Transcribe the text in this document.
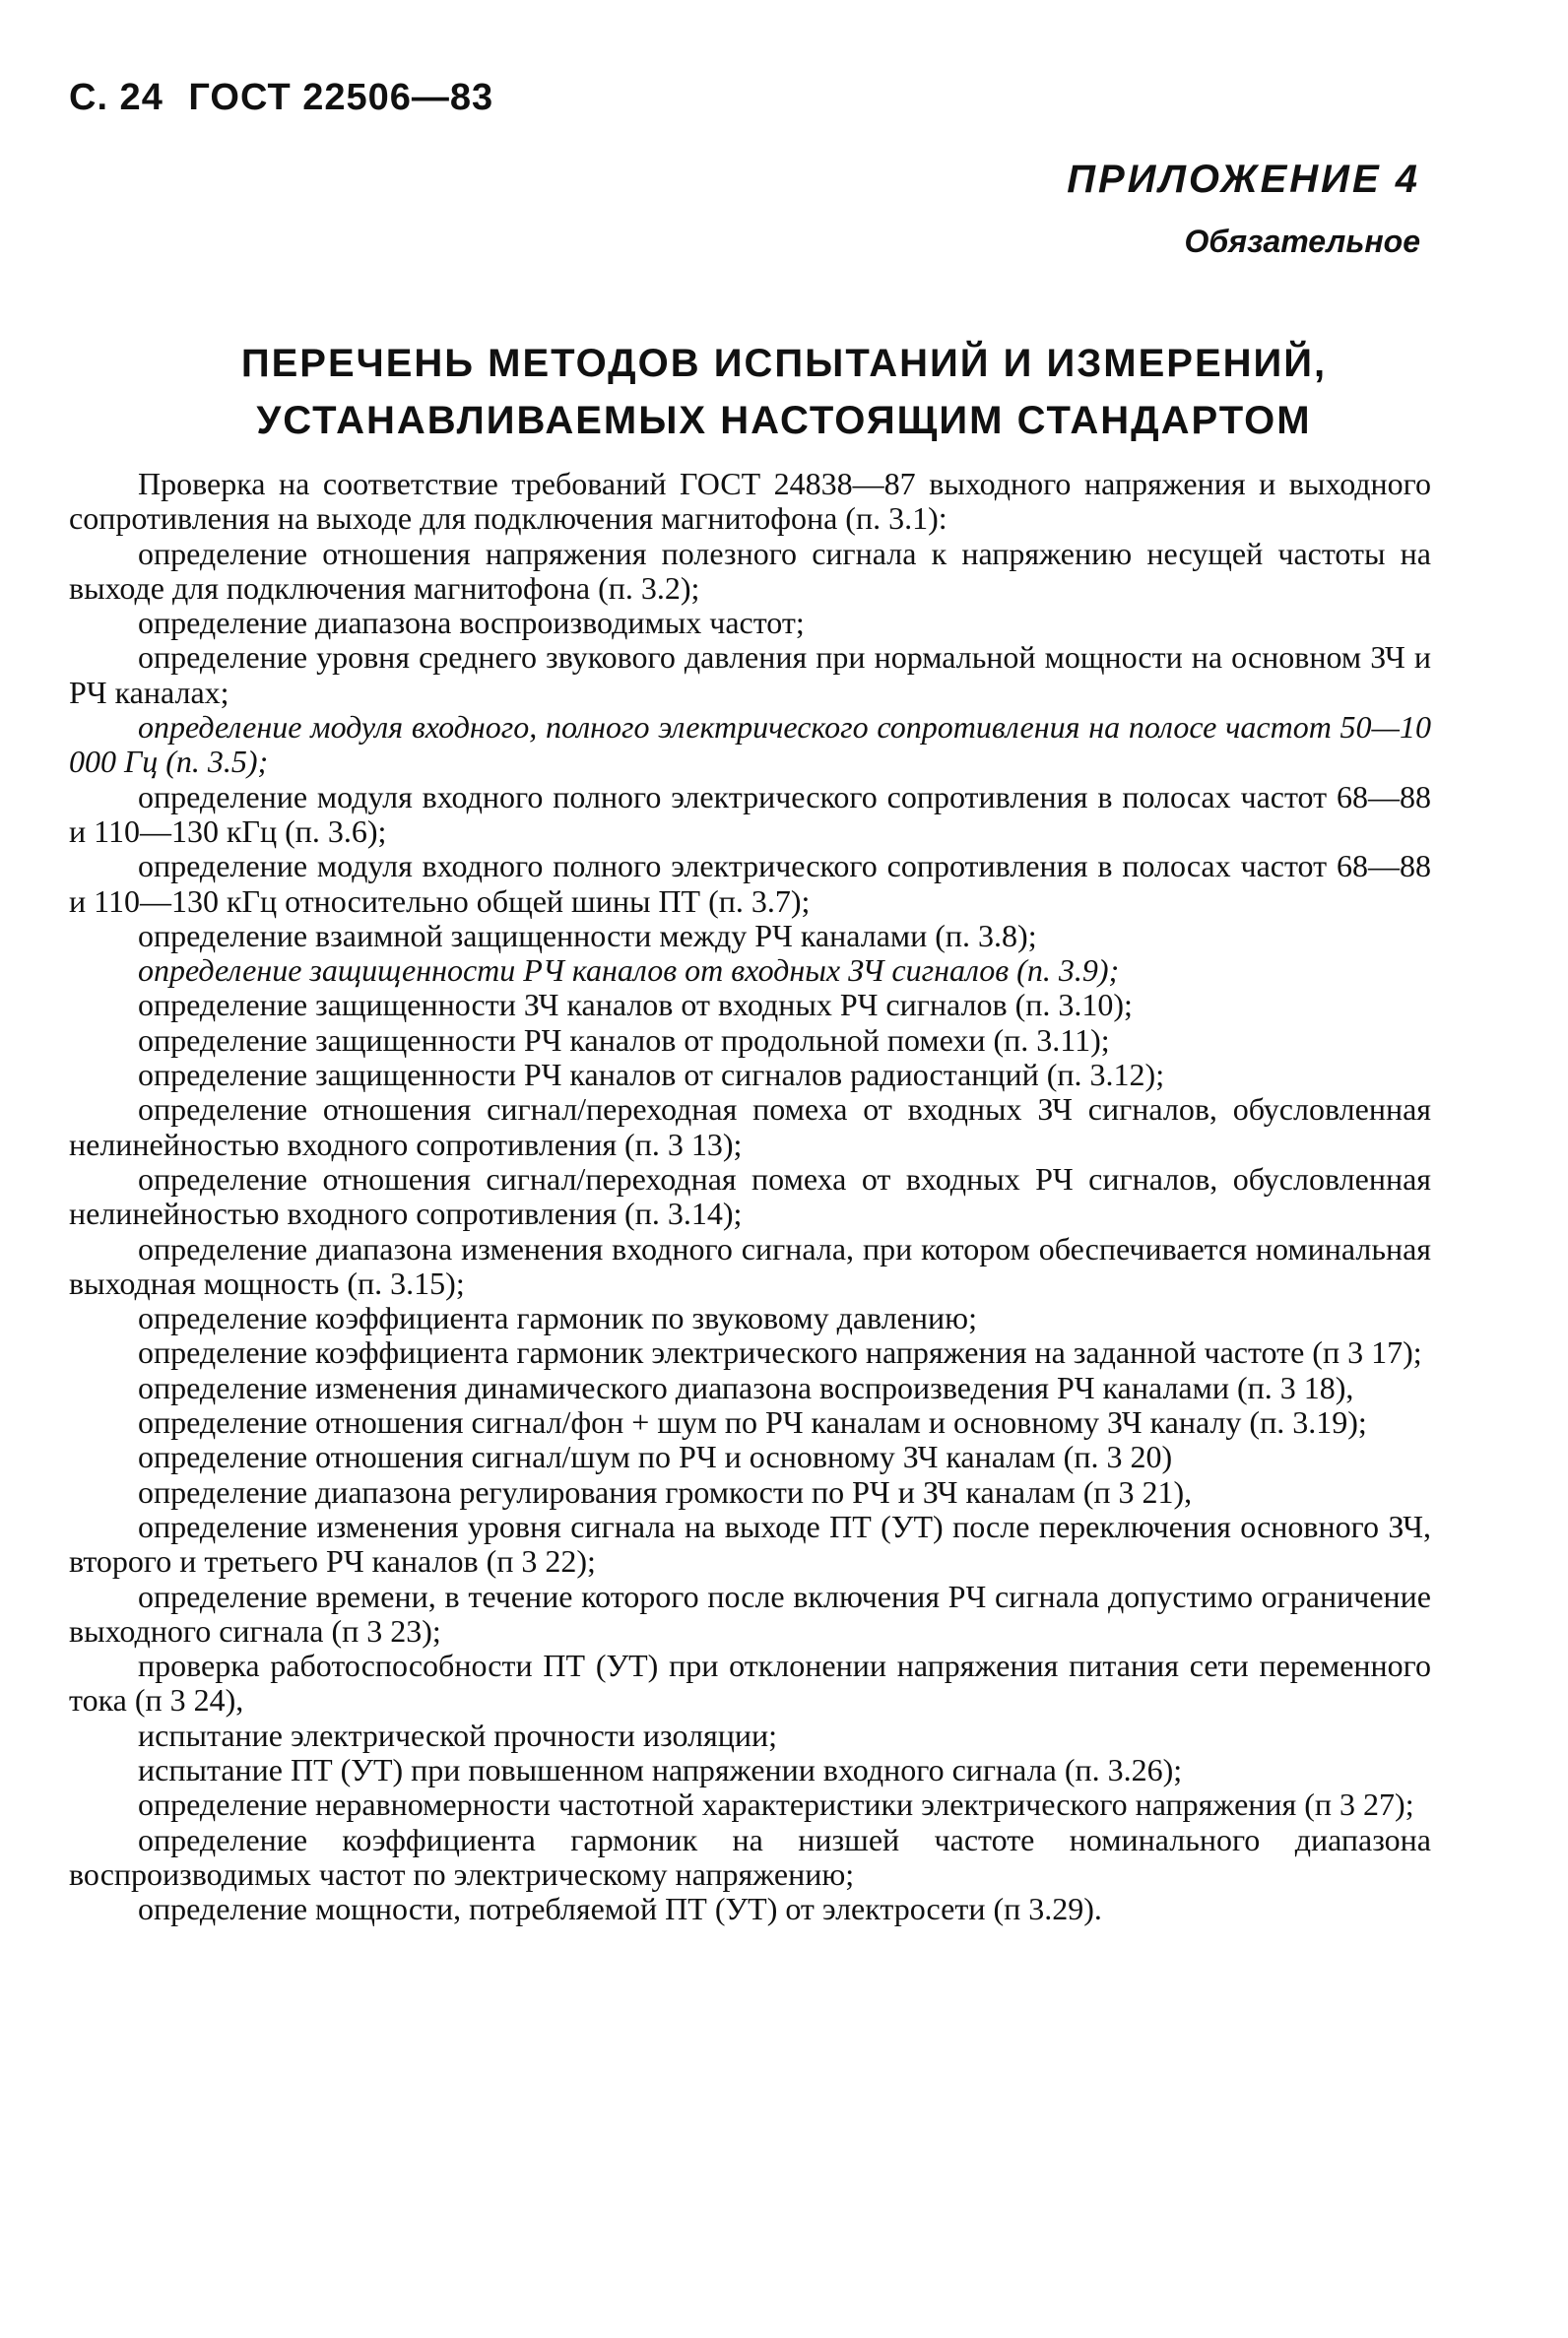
С. 24 ГОСТ 22506—83
ПРИЛОЖЕНИЕ 4
Обязательное
ПЕРЕЧЕНЬ МЕТОДОВ ИСПЫТАНИЙ И ИЗМЕРЕНИЙ,
УСТАНАВЛИВАЕМЫХ НАСТОЯЩИМ СТАНДАРТОМ
Проверка на соответствие требований ГОСТ 24838—87 выходного напряжения и выходного сопротивления на выходе для подключения магнитофона (п. 3.1):
определение отношения напряжения полезного сигнала к напряжению несущей частоты на выходе для подключения магнитофона (п. 3.2);
определение диапазона воспроизводимых частот;
определение уровня среднего звукового давления при нормальной мощности на основном ЗЧ и РЧ каналах;
определение модуля входного, полного электрического сопротивления на полосе частот 50—10 000 Гц (п. 3.5);
определение модуля входного полного электрического сопротивления в полосах частот 68—88 и 110—130 кГц (п. 3.6);
определение модуля входного полного электрического сопротивления в полосах частот 68—88 и 110—130 кГц относительно общей шины ПТ (п. 3.7);
определение взаимной защищенности между РЧ каналами (п. 3.8);
определение защищенности РЧ каналов от входных ЗЧ сигналов (п. 3.9);
определение защищенности ЗЧ каналов от входных РЧ сигналов (п. 3.10);
определение защищенности РЧ каналов от продольной помехи (п. 3.11);
определение защищенности РЧ каналов от сигналов радиостанций (п. 3.12);
определение отношения сигнал/переходная помеха от входных ЗЧ сигналов, обусловленная нелинейностью входного сопротивления (п. 3 13);
определение отношения сигнал/переходная помеха от входных РЧ сигналов, обусловленная нелинейностью входного сопротивления (п. 3.14);
определение диапазона изменения входного сигнала, при котором обеспечивается номинальная выходная мощность (п. 3.15);
определение коэффициента гармоник по звуковому давлению;
определение коэффициента гармоник электрического напряжения на заданной частоте (п 3 17);
определение изменения динамического диапазона воспроизведения РЧ каналами (п. 3 18),
определение отношения сигнал/фон + шум по РЧ каналам и основному ЗЧ каналу (п. 3.19);
определение отношения сигнал/шум по РЧ и основному ЗЧ каналам (п. 3 20)
определение диапазона регулирования громкости по РЧ и ЗЧ каналам (п 3 21),
определение изменения уровня сигнала на выходе ПТ (УТ) после переключения основного ЗЧ, второго и третьего РЧ каналов (п 3 22);
определение времени, в течение которого после включения РЧ сигнала допустимо ограничение выходного сигнала (п 3 23);
проверка работоспособности ПТ (УТ) при отклонении напряжения питания сети переменного тока (п 3 24),
испытание электрической прочности изоляции;
испытание ПТ (УТ) при повышенном напряжении входного сигнала (п. 3.26);
определение неравномерности частотной характеристики электрического напряжения (п 3 27);
определение коэффициента гармоник на низшей частоте номинального диапазона воспроизводимых частот по электрическому напряжению;
определение мощности, потребляемой ПТ (УТ) от электросети (п 3.29).
